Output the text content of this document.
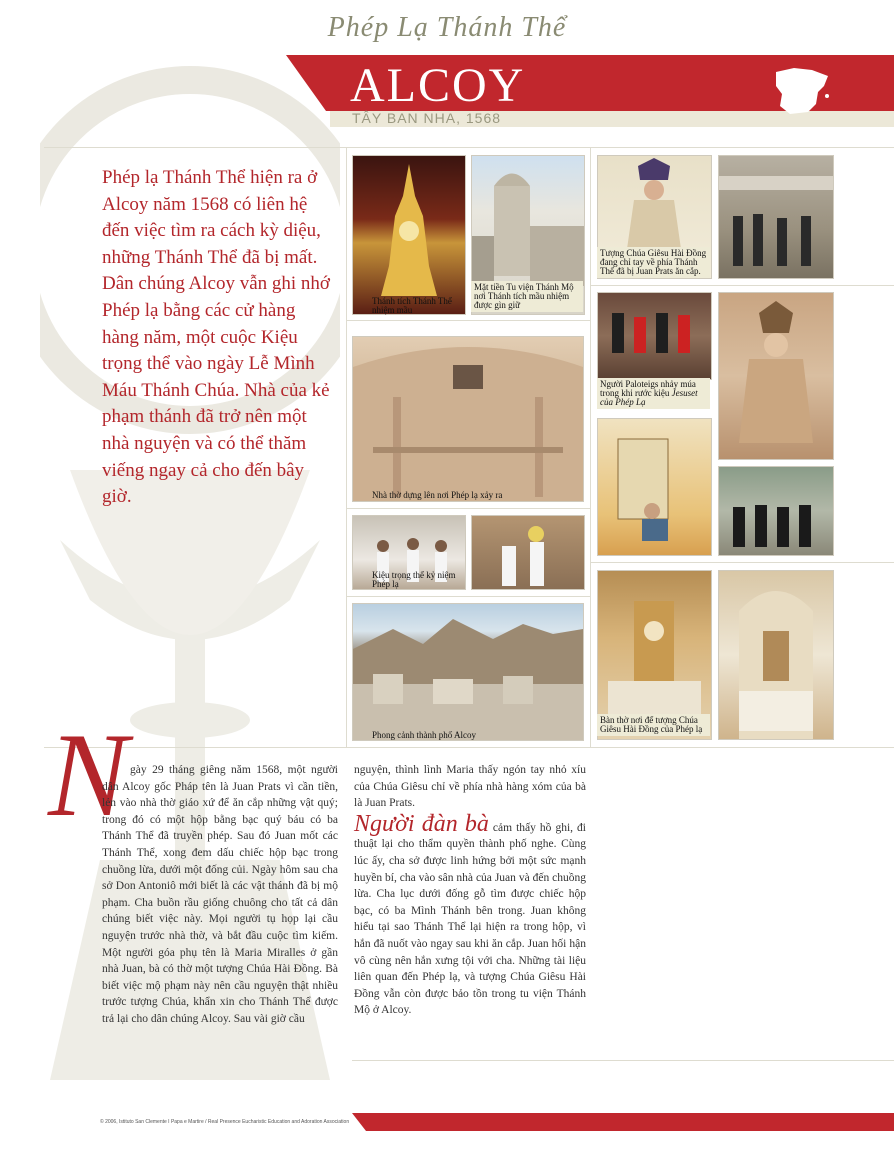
Phép Lạ Thánh Thể
ALCOY
TÂY BAN NHA, 1568
Phép lạ Thánh Thể hiện ra ở Alcoy năm 1568 có liên hệ đến việc tìm ra cách kỳ diệu, những Thánh Thể đã bị mất. Dân chúng Alcoy vẫn ghi nhớ Phép lạ bằng các cử hàng hàng năm, một cuộc Kiệu trọng thể vào ngày Lễ Mình Máu Thánh Chúa. Nhà của kẻ phạm thánh đã trở nên một nhà nguyện và có thể thăm viếng ngay cả cho đến bây giờ.
Thánh tích Thánh Thể nhiệm mầu
Mặt tiền Tu viện Thánh Mộ nơi Thánh tích mầu nhiệm được gìn giữ
Nhà thờ dựng lên nơi Phép lạ xảy ra
Kiệu trọng thể kỷ niệm Phép lạ
Phong cảnh thành phố Alcoy
Tượng Chúa Giêsu Hài Đồng đang chỉ tay về phía Thánh Thể đã bị Juan Prats ăn cắp.
Người Paloteigs nhảy múa trong khi rước kiệu Jesuset của Phép Lạ
Bàn thờ nơi để tượng Chúa Giêsu Hài Đồng của Phép lạ
N gày 29 tháng giêng năm 1568, một người dân Alcoy gốc Pháp tên là Juan Prats vì cần tiền, lẻn vào nhà thờ giáo xứ để ăn cắp những vật quý; trong đó có một hộp bằng bạc quý báu có ba Thánh Thể đã truyền phép. Sau đó Juan mốt các Thánh Thể, xong đem dấu chiếc hộp bạc trong chuồng lừa, dưới một đống củi. Ngày hôm sau cha sở Don Antoniô mới biết là các vật thánh đã bị mộ phạm. Cha buồn rầu giống chuông cho tất cả dân chúng biết việc này. Mọi người tụ họp lại cầu nguyện trước nhà thờ, và bắt đầu cuộc tìm kiếm. Một người góa phụ tên là Maria Miralles ở gần nhà Juan, bà có thờ một tượng Chúa Hài Đồng. Bà biết việc mộ phạm này nên cầu nguyện thật nhiều trước tượng Chúa, khẩn xin cho Thánh Thể được trả lại cho dân chúng Alcoy. Sau vài giờ cầu

nguyện, thình lình Maria thấy ngón tay nhỏ xíu của Chúa Giêsu chỉ về phía nhà hàng xóm của bà là Juan Prats.

Người đàn bà cảm thấy hồ ghi, đi thuật lại cho thẩm quyền thành phố nghe. Cùng lúc ấy, cha sở được linh hứng bởi một sức mạnh huyền bí, cha vào sân nhà của Juan và đến chuồng lừa. Cha lục dưới đống gỗ tìm được chiếc hộp bạc, có ba Mình Thánh bên trong. Juan không hiểu tại sao Thánh Thể lại hiện ra trong hộp, vì hắn đã nuốt vào ngay sau khi ăn cắp. Juan hối hận vô cùng nên hắn xưng tội với cha. Những tài liệu liên quan đến Phép lạ, và tượng Chúa Giêsu Hài Đồng vẫn còn được bảo tồn trong tu viện Thánh Mộ ở Alcoy.

© 2006, Istituto San Clemente I Papa e Martire / Real Presence Eucharistic Education and Adoration Association
